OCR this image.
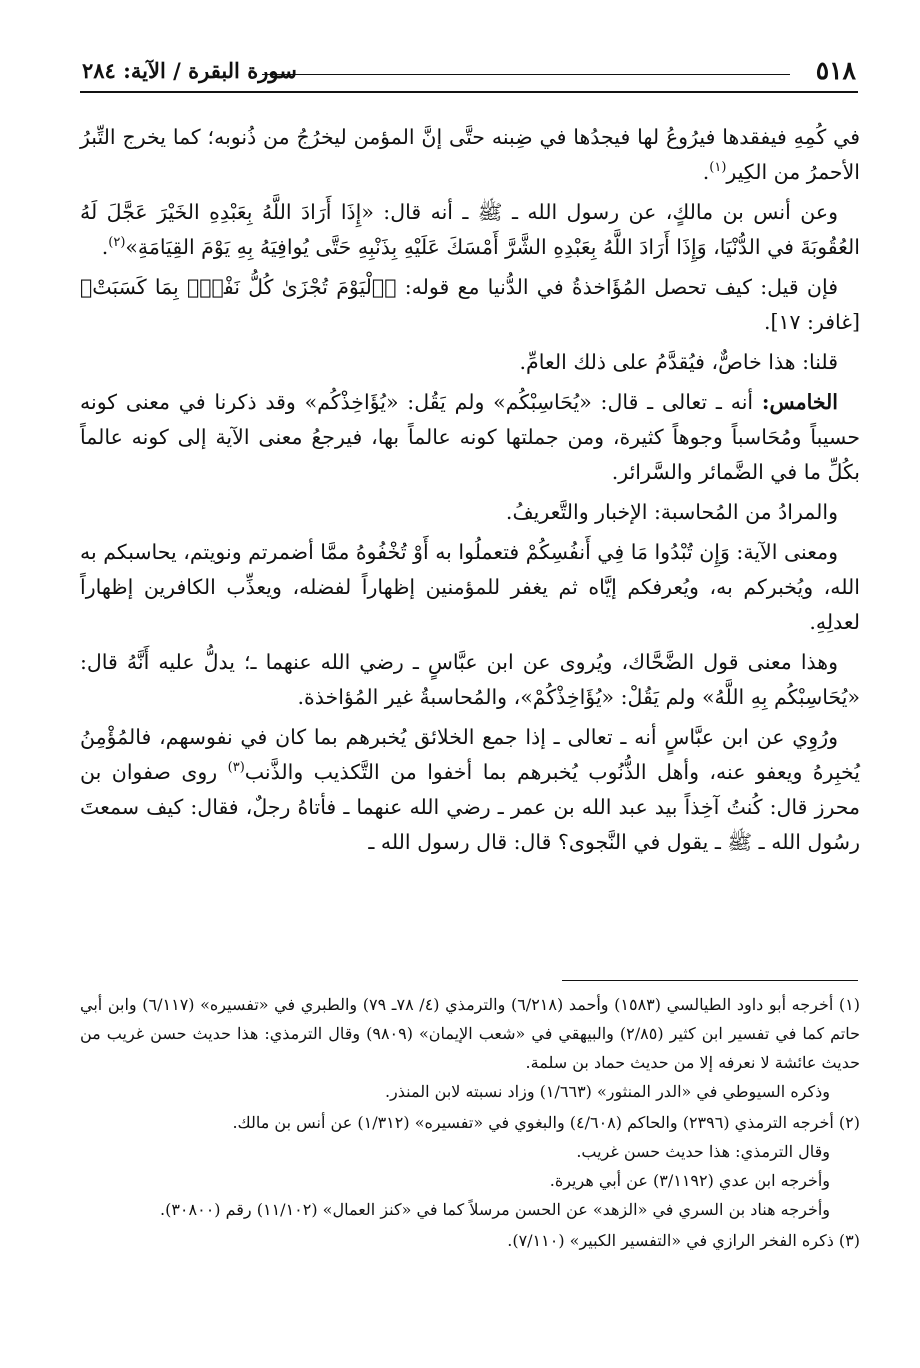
٥١٨
سورة البقرة / الآية: ٢٨٤

في كُمِهِ فيفقدها فيرُوعُ لها فيجدُها في ضِبنه حتَّى إنَّ المؤمن ليخرُجُ من ذُنوبه؛ كما يخرج التِّبرُ الأحمرُ من الكِير$^{(١)}$.

وعن أنس بن مالكٍ، عن رسول الله ـ ﷺ ـ أنه قال: «إِذَا أَرَادَ اللَّهُ بِعَبْدِهِ الخَيْرَ عَجَّلَ لَهُ العُقُوبَةَ في الدُّنْيَا، وَإِذَا أَرَادَ اللَّهُ بِعَبْدِهِ الشَّرَّ أَمْسَكَ عَلَيْهِ بِذَنْبِهِ حَتَّى يُوافِيَهُ بِهِ يَوْمَ القِيَامَةِ»$^{(٢)}$.

فإن قيل: كيف تحصل المُؤَاخذةُ في الدُّنيا مع قوله: ﴿ٱلْيَوْمَ تُجْزَىٰ كُلُّ نَفْسٍۭ بِمَا كَسَبَتْ﴾ [غافر: ١٧].

قلنا: هذا خاصٌّ، فيُقدَّمُ على ذلك العامِّ.

الخامس: أنه ـ تعالى ـ قال: «يُحَاسِبْكُم» ولم يَقُل: «يُؤَاخِذْكُم» وقد ذكرنا في معنى كونه حسيباً ومُحَاسباً وجوهاً كثيرة، ومن جملتها كونه عالماً بها، فيرجعُ معنى الآية إلى كونه عالماً بكُلِّ ما في الضَّمائر والسَّرائر.

والمرادُ من المُحاسبة: الإخبار والتَّعريفُ.

ومعنى الآية: وَإِن تُبْدُوا مَا فِي أَنفُسِكُمْ فتعملُوا به أَوْ تُخْفُوهُ ممَّا أضمرتم ونويتم، يحاسبكم به الله، ويُخبركم به، ويُعرفكم إيَّاه ثم يغفر للمؤمنين إظهاراً لفضله، ويعذِّب الكافرين إظهاراً لعدلِهِ.

وهذا معنى قول الضَّحَّاك، ويُروى عن ابن عبَّاسٍ ـ رضي الله عنهما ـ؛ يدلُّ عليه أَنَّهُ قال: «يُحَاسِبْكُم بِهِ اللَّهُ» ولم يَقُلْ: «يُؤَاخِذْكُمْ»، والمُحاسبةُ غير المُؤاخذة.

ورُوِي عن ابن عبَّاسٍ أنه ـ تعالى ـ إذا جمع الخلائق يُخبرهم بما كان في نفوسهم، فالمُؤْمِنُ يُخبِرهُ ويعفو عنه، وأهل الذُّنُوب يُخبرهم بما أخفوا من التَّكذيب والذَّنب$^{(٣)}$ روى صفوان بن محرز قال: كُنتُ آخِذاً بيد عبد الله بن عمر ـ رضي الله عنهما ـ فأتاهُ رجلٌ، فقال: كيف سمعتَ رسُول الله ـ ﷺ ـ يقول في النَّجوى؟ قال: قال رسول الله ـ

(١) أخرجه أبو داود الطيالسي (١٥٨٣) وأحمد (٦/٢١٨) والترمذي (٤/ ٧٨ـ ٧٩) والطبري في «تفسيره» (٦/١١٧) وابن أبي حاتم كما في تفسير ابن كثير (٢/٨٥) والبيهقي في «شعب الإيمان» (٩٨٠٩) وقال الترمذي: هذا حديث حسن غريب من حديث عائشة لا نعرفه إلا من حديث حماد بن سلمة.
وذكره السيوطي في «الدر المنثور» (١/٦٦٣) وزاد نسبته لابن المنذر.
(٢) أخرجه الترمذي (٢٣٩٦) والحاكم (٤/٦٠٨) والبغوي في «تفسيره» (١/٣١٢) عن أنس بن مالك.
وقال الترمذي: هذا حديث حسن غريب.
وأخرجه ابن عدي (٣/١١٩٢) عن أبي هريرة.
وأخرجه هناد بن السري في «الزهد» عن الحسن مرسلاً كما في «كنز العمال» (١١/١٠٢) رقم (٣٠٨٠٠).
(٣) ذكره الفخر الرازي في «التفسير الكبير» (٧/١١٠).
